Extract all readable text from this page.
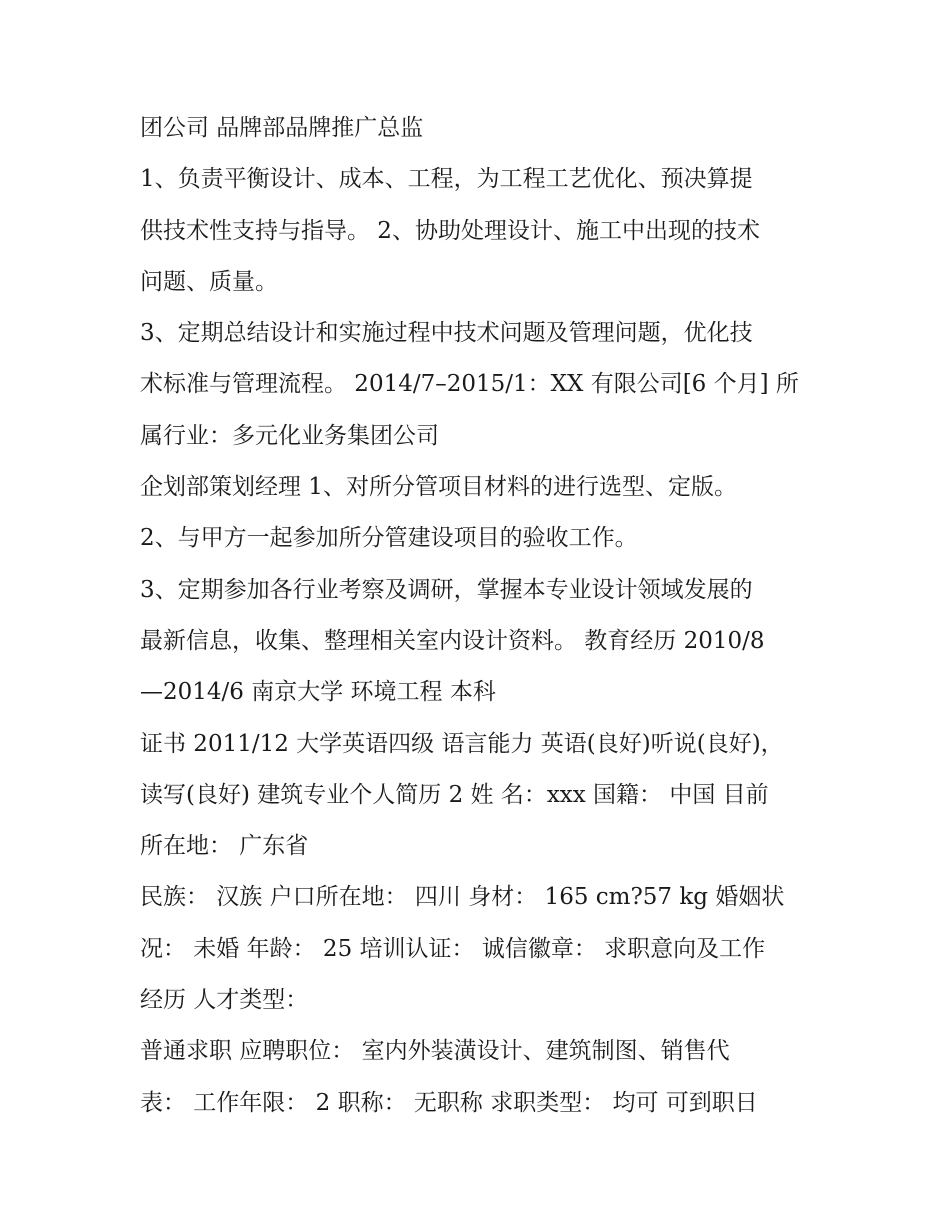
团公司 品牌部品牌推广总监
1、负责平衡设计、成本、工程，为工程工艺优化、预决算提
供技术性支持与指导。 2、协助处理设计、施工中出现的技术
问题、质量。
3、定期总结设计和实施过程中技术问题及管理问题，优化技
术标准与管理流程。 2014/7–2015/1：XX 有限公司[6 个月] 所
属行业：多元化业务集团公司
企划部策划经理 1、对所分管项目材料的进行选型、定版。
2、与甲方一起参加所分管建设项目的验收工作。
3、定期参加各行业考察及调研，掌握本专业设计领域发展的
最新信息，收集、整理相关室内设计资料。 教育经历 2010/8
—2014/6 南京大学 环境工程 本科
证书 2011/12 大学英语四级 语言能力 英语(良好)听说(良好)，
读写(良好) 建筑专业个人简历 2 姓 名：xxx 国籍： 中国 目前
所在地： 广东省
民族： 汉族 户口所在地： 四川 身材： 165 cm?57 kg 婚姻状
况： 未婚 年龄： 25 培训认证： 诚信徽章： 求职意向及工作
经历 人才类型：
普通求职 应聘职位： 室内外装潢设计、建筑制图、销售代
表： 工作年限： 2 职称： 无职称 求职类型： 均可 可到职日
